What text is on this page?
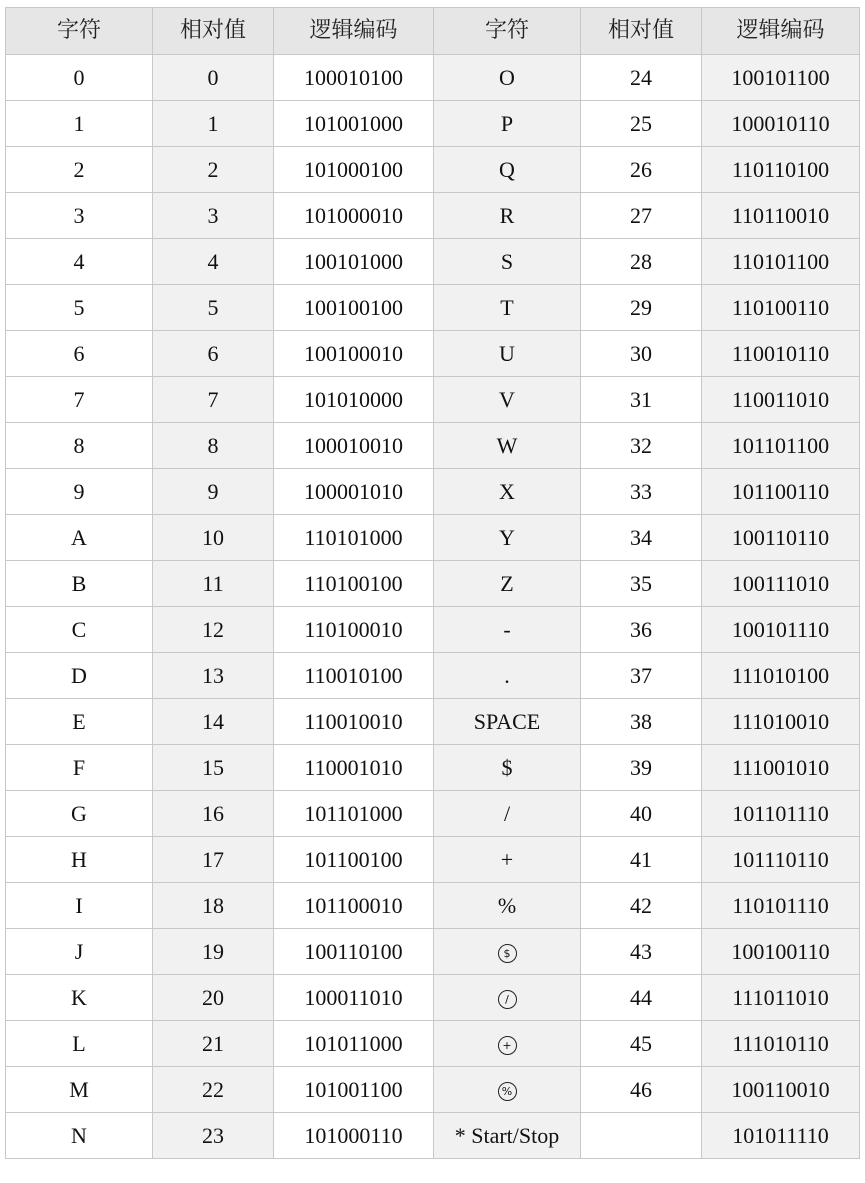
字符	相对值	逻辑编码	字符	相对值	逻辑编码
0	0	100010100	O	24	100101100
1	1	101001000	P	25	100010110
2	2	101000100	Q	26	110110100
3	3	101000010	R	27	110110010
4	4	100101000	S	28	110101100
5	5	100100100	T	29	110100110
6	6	100100010	U	30	110010110
7	7	101010000	V	31	110011010
8	8	100010010	W	32	101101100
9	9	100001010	X	33	101100110
A	10	110101000	Y	34	100110110
B	11	110100100	Z	35	100111010
C	12	110100010	-	36	100101110
D	13	110010100	.	37	111010100
E	14	110010010	SPACE	38	111010010
F	15	110001010	$	39	111001010
G	16	101101000	/	40	101101110
H	17	101100100	+	41	101110110
I	18	101100010	%	42	110101110
J	19	100110100	$	43	100100110
K	20	100011010	/	44	111011010
L	21	101011000	+	45	111010110
M	22	101001100	%	46	100110010
N	23	101000110	* Start/Stop		101011110
